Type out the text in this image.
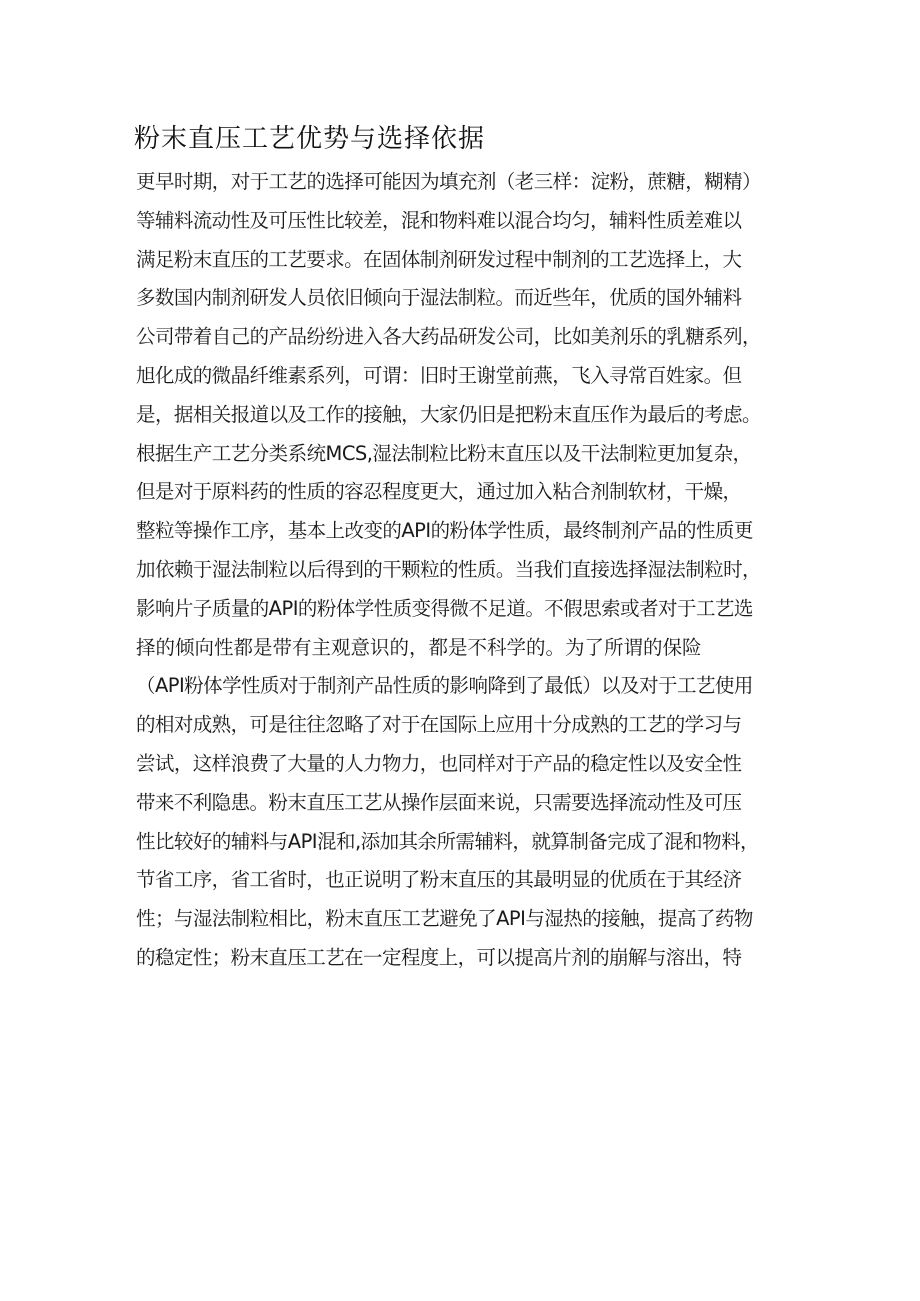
粉末直压工艺优势与选择依据
更早时期，对于工艺的选择可能因为填充剂（老三样：淀粉，蔗糖，糊精）
等辅料流动性及可压性比较差，混和物料难以混合均匀，辅料性质差难以
满足粉末直压的工艺要求。在固体制剂研发过程中制剂的工艺选择上，大
多数国内制剂研发人员依旧倾向于湿法制粒。而近些年，优质的国外辅料
公司带着自己的产品纷纷进入各大药品研发公司，比如美剂乐的乳糖系列，
旭化成的微晶纤维素系列，可谓：旧时王谢堂前燕，飞入寻常百姓家。但
是，据相关报道以及工作的接触，大家仍旧是把粉末直压作为最后的考虑。
根据生产工艺分类系统MCS,湿法制粒比粉末直压以及干法制粒更加复杂，
但是对于原料药的性质的容忍程度更大，通过加入粘合剂制软材，干燥，
整粒等操作工序，基本上改变的API的粉体学性质，最终制剂产品的性质更
加依赖于湿法制粒以后得到的干颗粒的性质。当我们直接选择湿法制粒时，
影响片子质量的API的粉体学性质变得微不足道。不假思索或者对于工艺选
择的倾向性都是带有主观意识的，都是不科学的。为了所谓的保险
（API粉体学性质对于制剂产品性质的影响降到了最低）以及对于工艺使用
的相对成熟，可是往往忽略了对于在国际上应用十分成熟的工艺的学习与
尝试，这样浪费了大量的人力物力，也同样对于产品的稳定性以及安全性
带来不利隐患。粉末直压工艺从操作层面来说，只需要选择流动性及可压
性比较好的辅料与API混和,添加其余所需辅料，就算制备完成了混和物料，
节省工序，省工省时，也正说明了粉末直压的其最明显的优质在于其经济
性；与湿法制粒相比，粉末直压工艺避免了API与湿热的接触，提高了药物
的稳定性；粉末直压工艺在一定程度上，可以提高片剂的崩解与溶出，特
